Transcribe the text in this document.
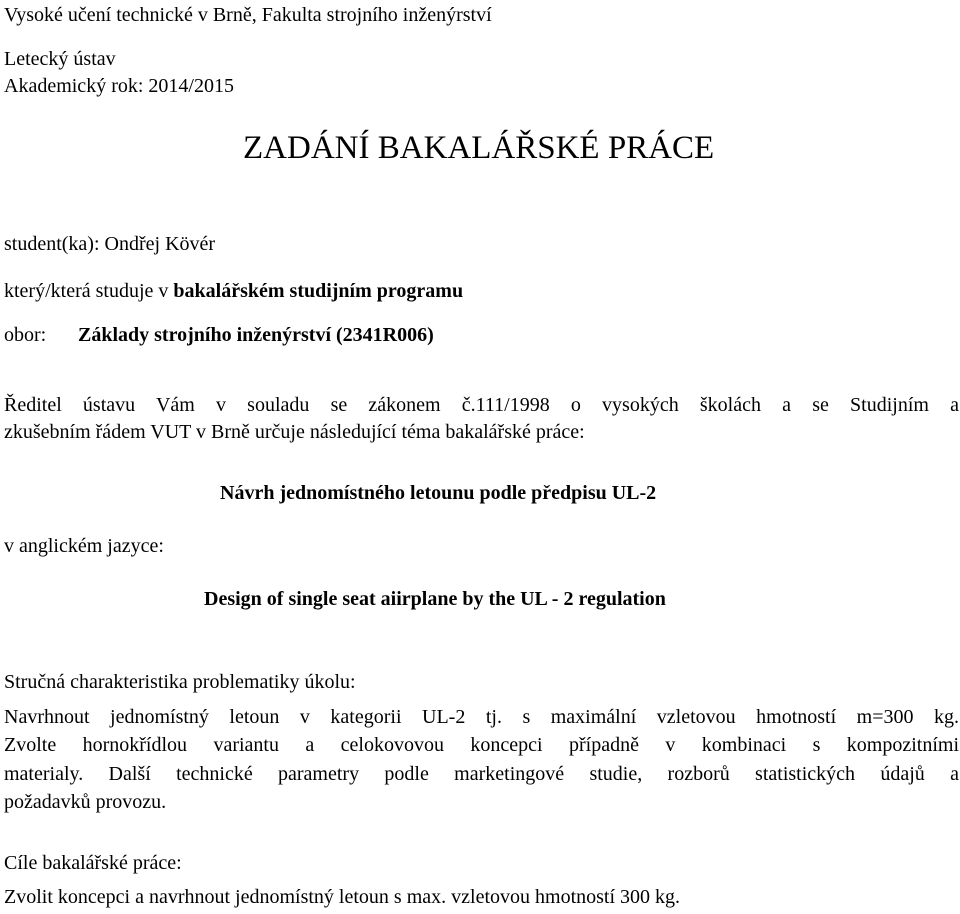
Vysoké učení technické v Brně, Fakulta strojního inženýrství
Letecký ústav
Akademický rok: 2014/2015
ZADÁNÍ BAKALÁŘSKÉ PRÁCE
student(ka): Ondřej Kövér
který/která studuje v bakalářském studijním programu
obor: Základy strojního inženýrství (2341R006)
Ředitel ústavu Vám v souladu se zákonem č.111/1998 o vysokých školách a se Studijním a
zkušebním řádem VUT v Brně určuje následující téma bakalářské práce:
Návrh jednomístného letounu podle předpisu UL-2
v anglickém jazyce:
Design of single seat aiirplane by the UL - 2 regulation
Stručná charakteristika problematiky úkolu:
Navrhnout jednomístný letoun v kategorii UL-2 tj. s maximální vzletovou hmotností m=300 kg.
Zvolte hornokřídlou variantu a celokovovou koncepci případně v kombinaci s kompozitními
materialy. Další technické parametry podle marketingové studie, rozborů statistických údajů a
požadavků provozu.
Cíle bakalářské práce:
Zvolit koncepci a navrhnout jednomístný letoun s max. vzletovou hmotností 300 kg.
